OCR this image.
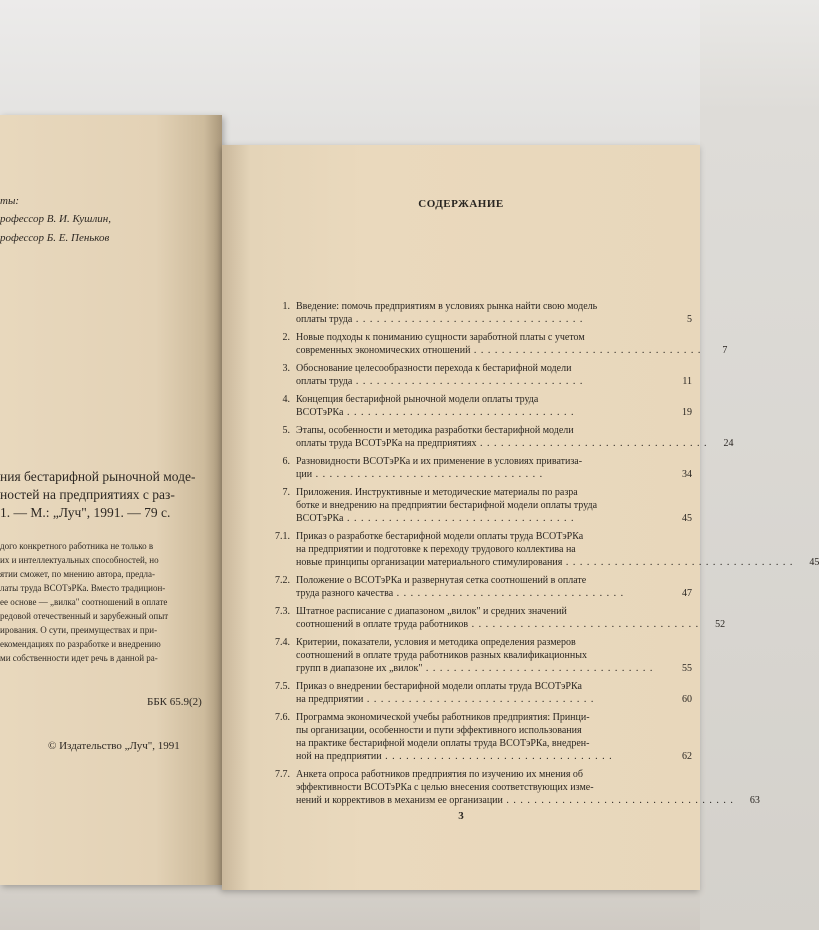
ты:
рофессор В. И. Кушлин,
рофессор Б. Е. Пеньков
ния бестарифной рыночной моде-
ностей на предприятиях с раз-
1. — М.: „Луч", 1991. — 79 с.
дого конкретного работника не только в
их и интеллектуальных способностей, но
ятии сможет, по мнению автора, предла-
латы труда ВСОТэРКа. Вместо традицион-
ее основе — „вилка" соотношений в оплате
редовой отечественный и зарубежный опыт
ирования. О сути, преимуществах и при-
екомендациях по разработке и внедрению
ми собственности идет речь в данной ра-
ББК 65.9(2)
© Издательство „Луч", 1991
СОДЕРЖАНИЕ
1. Введение: помочь предприятиям в условиях рынка найти свою модель
оплаты труда . . .	5
2. Новые подходы к пониманию сущности заработной платы с учетом
современных экономических отношений . . .	7
3. Обоснование целесообразности перехода к бестарифной модели
оплаты труда . . .	11
4. Концепция бестарифной рыночной модели оплаты труда
ВСОТэРКа . . .	19
5. Этапы, особенности и методика разработки бестарифной модели
оплаты труда ВСОТэРКа на предприятиях . . .	24
6. Разновидности ВСОТэРКа и их применение в условиях приватиза-
ции . . .	34
7. Приложения. Инструктивные и методические материалы по разра
ботке и внедрению на предприятии бестарифной модели оплаты труда
ВСОТэРКа . . .	45
7.1. Приказ о разработке бестарифной модели оплаты труда ВСОТэРКа
на предприятии и подготовке к переходу трудового коллектива на
новые принципы организации материального стимулирования . . .	45
7.2. Положение о ВСОТэРКа и развернутая сетка соотношений в оплате
труда разного качества . . .	47
7.3. Штатное расписание с диапазоном „вилок" и средних значений
соотношений в оплате труда работников . . .	52
7.4. Критерии, показатели, условия и методика определения размеров
соотношений в оплате труда работников разных квалификационных
групп в диапазоне их „вилок" . . .	55
7.5. Приказ о внедрении бестарифной модели оплаты труда ВСОТэРКа
на предприятии . . .	60
7.6. Программа экономической учебы работников предприятия: Принци-
пы организации, особенности и пути эффективного использования
на практике бестарифной модели оплаты труда ВСОТэРКа, внедрен-
ной на предприятии . . .	62
7.7. Анкета опроса работников предприятия по изучению их мнения об
эффективности ВСОТэРКа с целью внесения соответствующих изме-
нений и коррективов в механизм ее организации . . .	63
3
